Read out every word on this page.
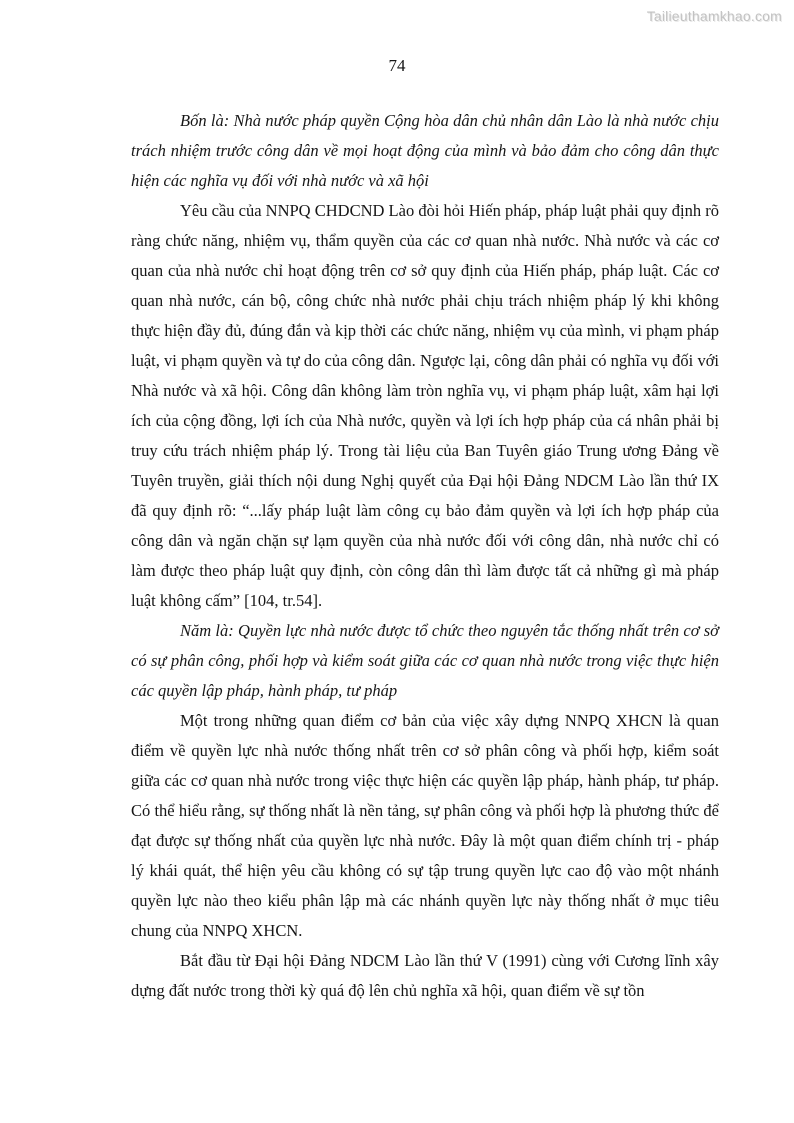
Tailieuthamkhao.com
74

Bốn là: Nhà nước pháp quyền Cộng hòa dân chủ nhân dân Lào là nhà nước chịu trách nhiệm trước công dân về mọi hoạt động của mình và bảo đảm cho công dân thực hiện các nghĩa vụ đối với nhà nước và xã hội

Yêu cầu của NNPQ CHDCND Lào đòi hỏi Hiến pháp, pháp luật phải quy định rõ ràng chức năng, nhiệm vụ, thẩm quyền của các cơ quan nhà nước. Nhà nước và các cơ quan của nhà nước chỉ hoạt động trên cơ sở quy định của Hiến pháp, pháp luật. Các cơ quan nhà nước, cán bộ, công chức nhà nước phải chịu trách nhiệm pháp lý khi không thực hiện đầy đủ, đúng đắn và kịp thời các chức năng, nhiệm vụ của mình, vi phạm pháp luật, vi phạm quyền và tự do của công dân. Ngược lại, công dân phải có nghĩa vụ đối với Nhà nước và xã hội. Công dân không làm tròn nghĩa vụ, vi phạm pháp luật, xâm hại lợi ích của cộng đồng, lợi ích của Nhà nước, quyền và lợi ích hợp pháp của cá nhân phải bị truy cứu trách nhiệm pháp lý. Trong tài liệu của Ban Tuyên giáo Trung ương Đảng về Tuyên truyền, giải thích nội dung Nghị quyết của Đại hội Đảng NDCM Lào lần thứ IX đã quy định rõ: “...lấy pháp luật làm công cụ bảo đảm quyền và lợi ích hợp pháp của công dân và ngăn chặn sự lạm quyền của nhà nước đối với công dân, nhà nước chỉ có làm được theo pháp luật quy định, còn công dân thì làm được tất cả những gì mà pháp luật không cấm” [104, tr.54].

Năm là: Quyền lực nhà nước được tổ chức theo nguyên tắc thống nhất trên cơ sở có sự phân công, phối hợp và kiểm soát giữa các cơ quan nhà nước trong việc thực hiện các quyền lập pháp, hành pháp, tư pháp

Một trong những quan điểm cơ bản của việc xây dựng NNPQ XHCN là quan điểm về quyền lực nhà nước thống nhất trên cơ sở phân công và phối hợp, kiểm soát giữa các cơ quan nhà nước trong việc thực hiện các quyền lập pháp, hành pháp, tư pháp. Có thể hiểu rằng, sự thống nhất là nền tảng, sự phân công và phối hợp là phương thức để đạt được sự thống nhất của quyền lực nhà nước. Đây là một quan điểm chính trị - pháp lý khái quát, thể hiện yêu cầu không có sự tập trung quyền lực cao độ vào một nhánh quyền lực nào theo kiểu phân lập mà các nhánh quyền lực này thống nhất ở mục tiêu chung của NNPQ XHCN.

Bắt đầu từ Đại hội Đảng NDCM Lào lần thứ V (1991) cùng với Cương lĩnh xây dựng đất nước trong thời kỳ quá độ lên chủ nghĩa xã hội, quan điểm về sự tồn
